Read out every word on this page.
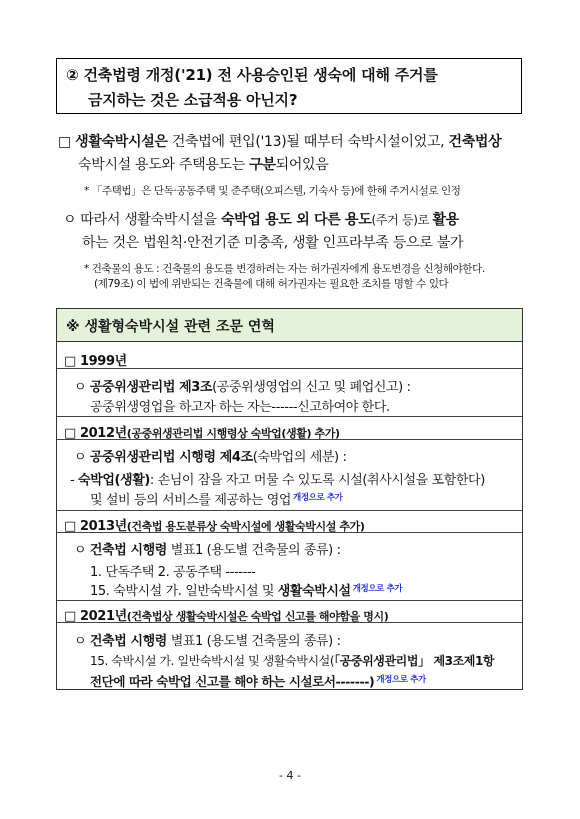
② 건축법령 개정('21) 전 사용승인된 생숙에 대해 주거를
금지하는 것은 소급적용 아닌지?
□ 생활숙박시설은 건축법에 편입('13)될 때부터 숙박시설이었고, 건축법상
숙박시설 용도와 주택용도는 구분되어있음
* 「주택법」은 단독·공동주택 및 준주택(오피스텔, 기숙사 등)에 한해 주거시설로 인정
ㅇ 따라서 생활숙박시설을 숙박업 용도 외 다른 용도(주거 등)로 활용
하는 것은 법원칙·안전기준 미충족, 생활 인프라부족 등으로 불가
* 건축물의 용도 : 건축물의 용도를 변경하려는 자는 허가권자에게 용도변경을 신청해야한다.
(제79조) 이 법에 위반되는 건축물에 대해 허가권자는 필요한 조치를 명할 수 있다
※ 생활형숙박시설 관련 조문 연혁
□ 1999년
ㅇ 공중위생관리법 제3조(공중위생영업의 신고 및 폐업신고) :
공중위생영업을 하고자 하는 자는------신고하여야 한다.
□ 2012년(공중위생관리법 시행령상 숙박업(생활) 추가)
ㅇ 공중위생관리법 시행령 제4조(숙박업의 세분) :
- 숙박업(생활): 손님이 잠을 자고 머물 수 있도록 시설(취사시설을 포함한다)
및 설비 등의 서비스를 제공하는 영업 $^{개정으로 추가}$
□ 2013년(건축법 용도분류상 숙박시설에 생활숙박시설 추가)
ㅇ 건축법 시행령 별표1 (용도별 건축물의 종류) :
1. 단독주택 2. 공동주택 -------
15. 숙박시설 가. 일반숙박시설 및 생활숙박시설 $^{개정으로 추가}$
□ 2021년(건축법상 생활숙박시설은 숙박업 신고를 해야함을 명시)
ㅇ 건축법 시행령 별표1 (용도별 건축물의 종류) :
15. 숙박시설 가. 일반숙박시설 및 생활숙박시설(「공중위생관리법」 제3조제1항
전단에 따라 숙박업 신고를 해야 하는 시설로서-------) $^{개정으로 추가}$
- 4 -
